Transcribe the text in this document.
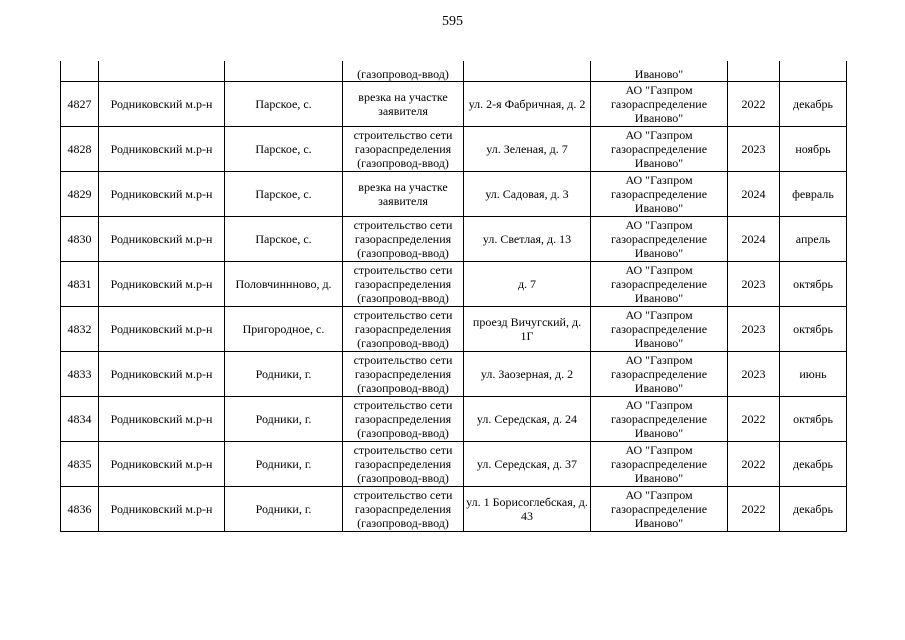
595
			(газопровод-ввод)		Иваново"		
4827	Родниковский м.р-н	Парское, с.	врезка на участке заявителя	ул. 2-я Фабричная, д. 2	АО "Газпром газораспределение Иваново"	2022	декабрь
4828	Родниковский м.р-н	Парское, с.	строительство сети газораспределения (газопровод-ввод)	ул. Зеленая, д. 7	АО "Газпром газораспределение Иваново"	2023	ноябрь
4829	Родниковский м.р-н	Парское, с.	врезка на участке заявителя	ул. Садовая, д. 3	АО "Газпром газораспределение Иваново"	2024	февраль
4830	Родниковский м.р-н	Парское, с.	строительство сети газораспределения (газопровод-ввод)	ул. Светлая, д. 13	АО "Газпром газораспределение Иваново"	2024	апрель
4831	Родниковский м.р-н	Половчиннново, д.	строительство сети газораспределения (газопровод-ввод)	д. 7	АО "Газпром газораспределение Иваново"	2023	октябрь
4832	Родниковский м.р-н	Пригородное, с.	строительство сети газораспределения (газопровод-ввод)	проезд Вичугский, д. 1Г	АО "Газпром газораспределение Иваново"	2023	октябрь
4833	Родниковский м.р-н	Родники, г.	строительство сети газораспределения (газопровод-ввод)	ул. Заозерная, д. 2	АО "Газпром газораспределение Иваново"	2023	июнь
4834	Родниковский м.р-н	Родники, г.	строительство сети газораспределения (газопровод-ввод)	ул. Середская, д. 24	АО "Газпром газораспределение Иваново"	2022	октябрь
4835	Родниковский м.р-н	Родники, г.	строительство сети газораспределения (газопровод-ввод)	ул. Середская, д. 37	АО "Газпром газораспределение Иваново"	2022	декабрь
4836	Родниковский м.р-н	Родники, г.	строительство сети газораспределения (газопровод-ввод)	ул. 1 Борисоглебская, д. 43	АО "Газпром газораспределение Иваново"	2022	декабрь
